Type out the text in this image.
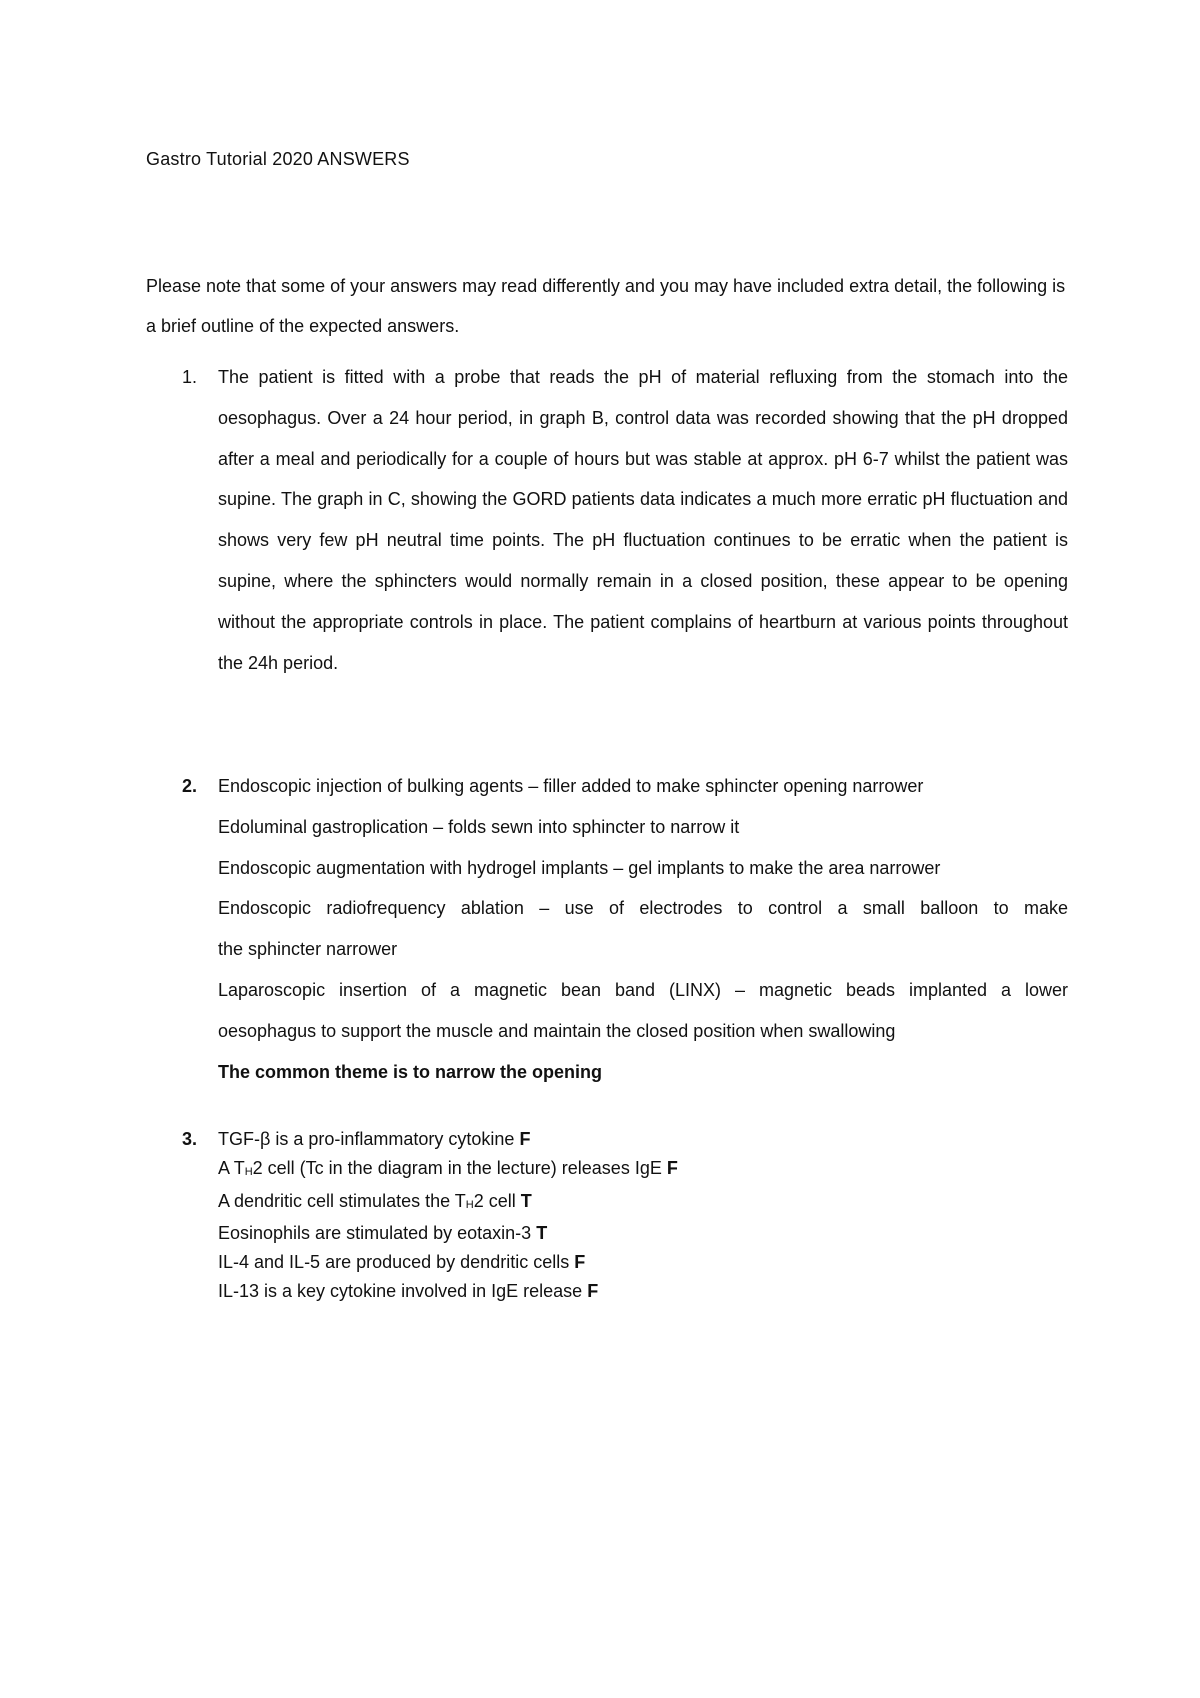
Gastro Tutorial 2020 ANSWERS

Please note that some of your answers may read differently and you may have included extra detail, the following is a brief outline of the expected answers.

1. The patient is fitted with a probe that reads the pH of material refluxing from the stomach into the oesophagus. Over a 24 hour period, in graph B, control data was recorded showing that the pH dropped after a meal and periodically for a couple of hours but was stable at approx. pH 6-7 whilst the patient was supine. The graph in C, showing the GORD patients data indicates a much more erratic pH fluctuation and shows very few pH neutral time points. The pH fluctuation continues to be erratic when the patient is supine, where the sphincters would normally remain in a closed position, these appear to be opening without the appropriate controls in place. The patient complains of heartburn at various points throughout the 24h period.
2. Endoscopic injection of bulking agents – filler added to make sphincter opening narrower
Edoluminal gastroplication – folds sewn into sphincter to narrow it
Endoscopic augmentation with hydrogel implants – gel implants to make the area narrower
Endoscopic radiofrequency ablation – use of electrodes to control a small balloon to make
the sphincter narrower
Laparoscopic insertion of a magnetic bean band (LINX) – magnetic beads implanted a lower
oesophagus to support the muscle and maintain the closed position when swallowing
The common theme is to narrow the opening
3. TGF-β is a pro-inflammatory cytokine F
A TH2 cell (Tc in the diagram in the lecture) releases IgE F
A dendritic cell stimulates the TH2 cell T
Eosinophils are stimulated by eotaxin-3 T
IL-4 and IL-5 are produced by dendritic cells F
IL-13 is a key cytokine involved in IgE release F
